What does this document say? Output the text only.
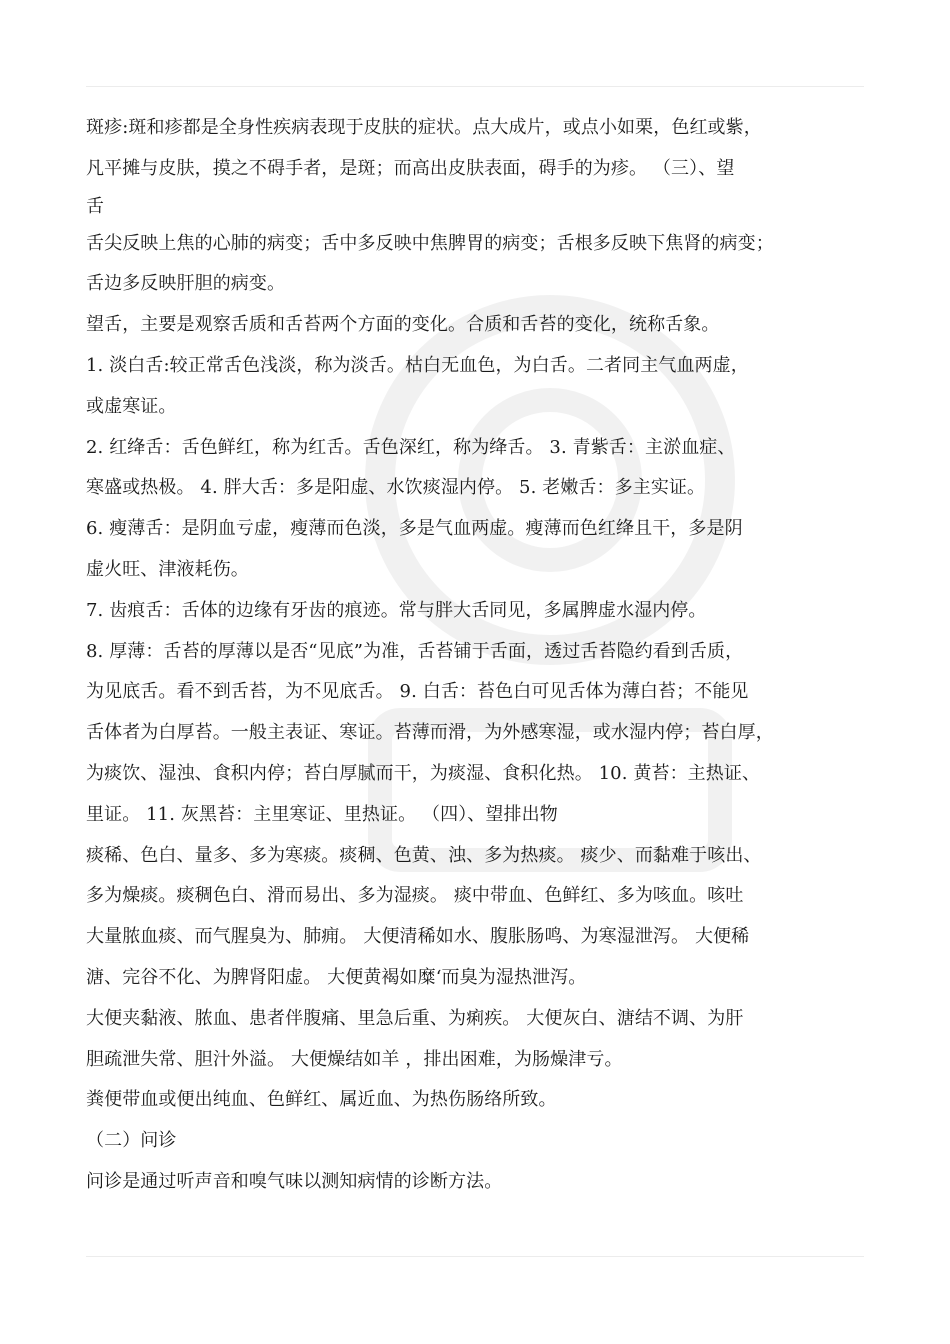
斑疹:斑和疹都是全身性疾病表现于皮肤的症状。点大成片，或点小如栗，色红或紫，
凡平摊与皮肤，摸之不碍手者，是斑；而高出皮肤表面，碍手的为疹。 （三）、望
舌
舌尖反映上焦的心肺的病变；舌中多反映中焦脾胃的病变；舌根多反映下焦肾的病变；
舌边多反映肝胆的病变。
望舌，主要是观察舌质和舌苔两个方面的变化。合质和舌苔的变化，统称舌象。
1. 淡白舌:较正常舌色浅淡，称为淡舌。枯白无血色，为白舌。二者同主气血两虚，
或虚寒证。
2. 红绛舌：舌色鲜红，称为红舌。舌色深红，称为绛舌。 3. 青紫舌：主淤血症、
寒盛或热极。 4. 胖大舌：多是阳虚、水饮痰湿内停。 5. 老嫩舌：多主实证。
6. 瘦薄舌：是阴血亏虚，瘦薄而色淡，多是气血两虚。瘦薄而色红绛且干，多是阴
虚火旺、津液耗伤。
7. 齿痕舌：舌体的边缘有牙齿的痕迹。常与胖大舌同见，多属脾虚水湿内停。
8. 厚薄：舌苔的厚薄以是否“见底”为准，舌苔铺于舌面，透过舌苔隐约看到舌质，
为见底舌。看不到舌苔，为不见底舌。 9. 白舌：苔色白可见舌体为薄白苔；不能见
舌体者为白厚苔。一般主表证、寒证。苔薄而滑，为外感寒湿，或水湿内停；苔白厚，
为痰饮、湿浊、食积内停；苔白厚腻而干，为痰湿、食积化热。 10. 黄苔：主热证、
里证。 11. 灰黑苔：主里寒证、里热证。 （四）、望排出物
痰稀、色白、量多、多为寒痰。痰稠、色黄、浊、多为热痰。 痰少、而黏难于咳出、
多为燥痰。痰稠色白、滑而易出、多为湿痰。 痰中带血、色鲜红、多为咳血。咳吐
大量脓血痰、而气腥臭为、肺痈。 大便清稀如水、腹胀肠鸣、为寒湿泄泻。 大便稀
溏、完谷不化、为脾肾阳虚。 大便黄褐如糜‘而臭为湿热泄泻。
大便夹黏液、脓血、患者伴腹痛、里急后重、为痢疾。 大便灰白、溏结不调、为肝
胆疏泄失常、胆汁外溢。 大便燥结如羊 ，排出困难，为肠燥津亏。
粪便带血或便出纯血、色鲜红、属近血、为热伤肠络所致。
（二）问诊
问诊是通过听声音和嗅气味以测知病情的诊断方法。
